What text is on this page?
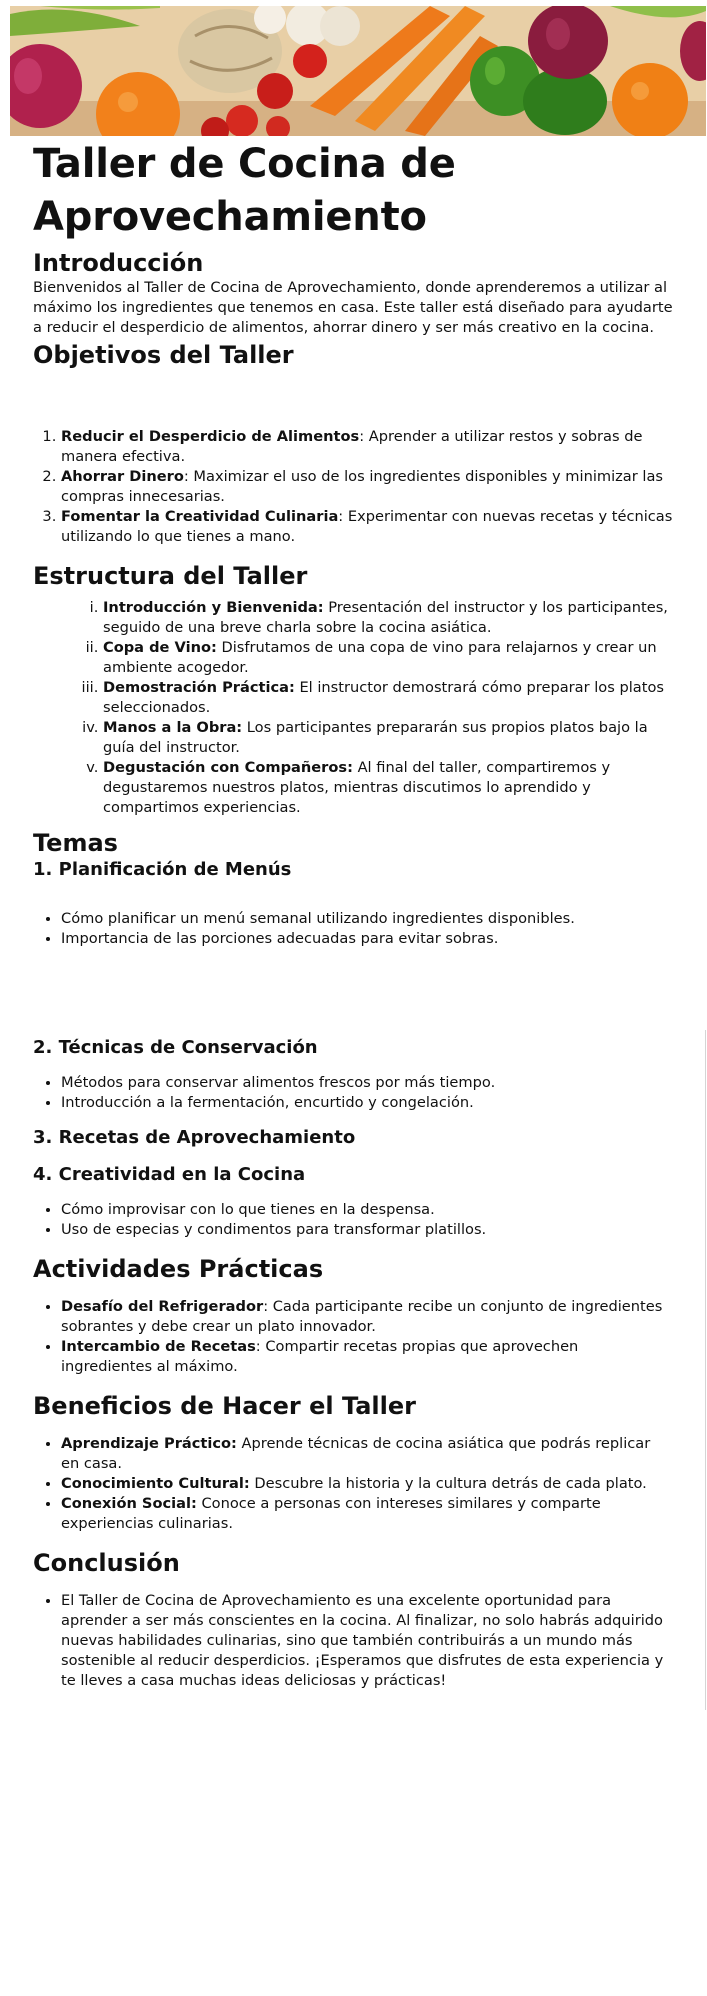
Taller de Cocina de Aprovechamiento
Introducción

Bienvenidos al Taller de Cocina de Aprovechamiento, donde aprenderemos a utilizar al máximo los ingredientes que tenemos en casa. Este taller está diseñado para ayudarte a reducir el desperdicio de alimentos, ahorrar dinero y ser más creativo en la cocina.

Objetivos del Taller
1. Reducir el Desperdicio de Alimentos: Aprender a utilizar restos y sobras de manera efectiva.
2. Ahorrar Dinero: Maximizar el uso de los ingredientes disponibles y minimizar las compras innecesarias.
3. Fomentar la Creatividad Culinaria: Experimentar con nuevas recetas y técnicas utilizando lo que tienes a mano.
Estructura del Taller
i. Introducción y Bienvenida: Presentación del instructor y los participantes, seguido de una breve charla sobre la cocina asiática.
ii. Copa de Vino: Disfrutamos de una copa de vino para relajarnos y crear un ambiente acogedor.
iii. Demostración Práctica: El instructor demostrará cómo preparar los platos seleccionados.
iv. Manos a la Obra: Los participantes prepararán sus propios platos bajo la guía del instructor.
v. Degustación con Compañeros: Al final del taller, compartiremos y degustaremos nuestros platos, mientras discutimos lo aprendido y compartimos experiencias.
Temas
1. Planificación de Menús
• Cómo planificar un menú semanal utilizando ingredientes disponibles.
• Importancia de las porciones adecuadas para evitar sobras.
2. Técnicas de Conservación
• Métodos para conservar alimentos frescos por más tiempo.
• Introducción a la fermentación, encurtido y congelación.
3. Recetas de Aprovechamiento
4. Creatividad en la Cocina
• Cómo improvisar con lo que tienes en la despensa.
• Uso de especias y condimentos para transformar platillos.
Actividades Prácticas
• Desafío del Refrigerador: Cada participante recibe un conjunto de ingredientes sobrantes y debe crear un plato innovador.
• Intercambio de Recetas: Compartir recetas propias que aprovechen ingredientes al máximo.
Beneficios de Hacer el Taller
• Aprendizaje Práctico: Aprende técnicas de cocina asiática que podrás replicar en casa.
• Conocimiento Cultural: Descubre la historia y la cultura detrás de cada plato.
• Conexión Social: Conoce a personas con intereses similares y comparte experiencias culinarias.
Conclusión
• El Taller de Cocina de Aprovechamiento es una excelente oportunidad para aprender a ser más conscientes en la cocina. Al finalizar, no solo habrás adquirido nuevas habilidades culinarias, sino que también contribuirás a un mundo más sostenible al reducir desperdicios. ¡Esperamos que disfrutes de esta experiencia y te lleves a casa muchas ideas deliciosas y prácticas!
